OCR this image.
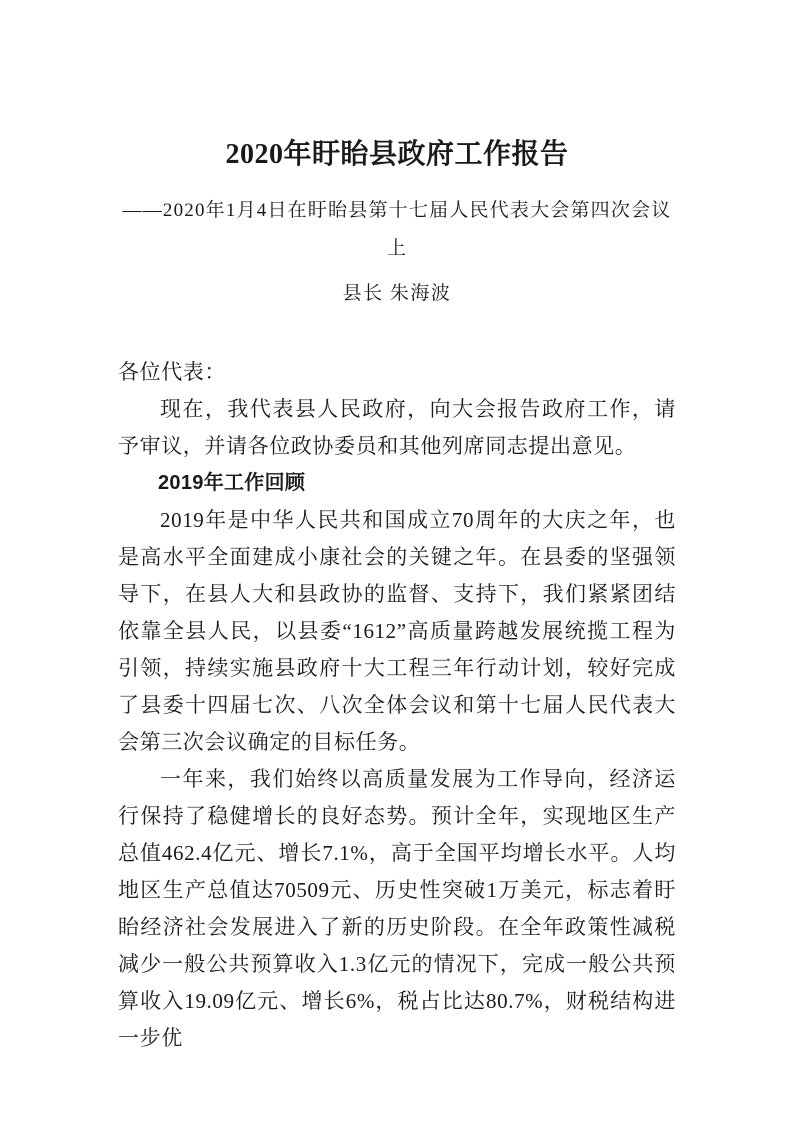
2020年盱眙县政府工作报告

——2020年1月4日在盱眙县第十七届人民代表大会第四次会议上

县长 朱海波

各位代表：

现在，我代表县人民政府，向大会报告政府工作，请予审议，并请各位政协委员和其他列席同志提出意见。

2019年工作回顾

2019年是中华人民共和国成立70周年的大庆之年，也是高水平全面建成小康社会的关键之年。在县委的坚强领导下，在县人大和县政协的监督、支持下，我们紧紧团结依靠全县人民，以县委“1612”高质量跨越发展统揽工程为引领，持续实施县政府十大工程三年行动计划，较好完成了县委十四届七次、八次全体会议和第十七届人民代表大会第三次会议确定的目标任务。

一年来，我们始终以高质量发展为工作导向，经济运行保持了稳健增长的良好态势。预计全年，实现地区生产总值462.4亿元、增长7.1%，高于全国平均增长水平。人均地区生产总值达70509元、历史性突破1万美元，标志着盱眙经济社会发展进入了新的历史阶段。在全年政策性减税减少一般公共预算收入1.3亿元的情况下，完成一般公共预算收入19.09亿元、增长6%，税占比达80.7%，财税结构进一步优
